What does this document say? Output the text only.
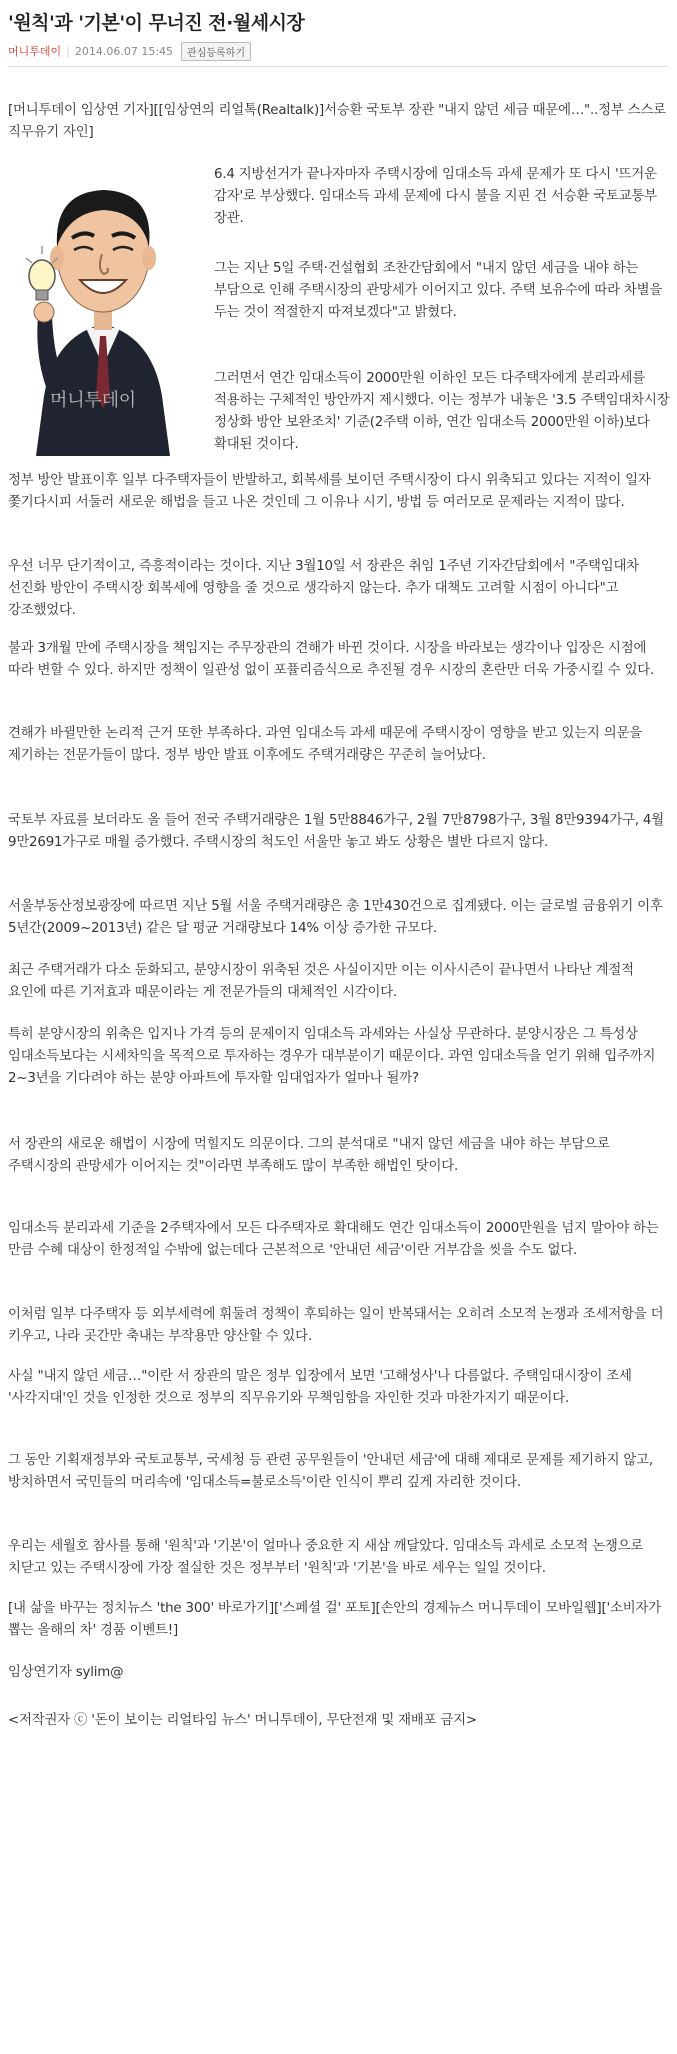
'원칙'과 '기본'이 무너진 전·월세시장
머니투데이 | 2014.06.07 15:45	관심등록하기

[머니투데이 임상연 기자][[임상연의 리얼톡(Realtalk)]서승환 국토부 장관 "내지 않던 세금 때문에…"..정부 스스로 직무유기 자인]

머니투데이

6.4 지방선거가 끝나자마자 주택시장에 임대소득 과세 문제가 또 다시 '뜨거운 감자'로 부상했다. 임대소득 과세 문제에 다시 불을 지핀 건 서승환 국토교통부 장관.

그는 지난 5일 주택·건설협회 조찬간담회에서 "내지 않던 세금을 내야 하는 부담으로 인해 주택시장의 관망세가 이어지고 있다. 주택 보유수에 따라 차별을 두는 것이 적절한지 따져보겠다"고 밝혔다.

그러면서 연간 임대소득이 2000만원 이하인 모든 다주택자에게 분리과세를 적용하는 구체적인 방안까지 제시했다. 이는 정부가 내놓은 '3.5 주택임대차시장 정상화 방안 보완조치' 기준(2주택 이하, 연간 임대소득 2000만원 이하)보다 확대된 것이다.

정부 방안 발표이후 일부 다주택자들이 반발하고, 회복세를 보이던 주택시장이 다시 위축되고 있다는 지적이 일자 쫓기다시피 서둘러 새로운 해법을 들고 나온 것인데 그 이유나 시기, 방법 등 여러모로 문제라는 지적이 많다.

우선 너무 단기적이고, 즉흥적이라는 것이다. 지난 3월10일 서 장관은 취임 1주년 기자간담회에서 "주택임대차 선진화 방안이 주택시장 회복세에 영향을 줄 것으로 생각하지 않는다. 추가 대책도 고려할 시점이 아니다"고 강조했었다.

불과 3개월 만에 주택시장을 책임지는 주무장관의 견해가 바뀐 것이다. 시장을 바라보는 생각이나 입장은 시점에 따라 변할 수 있다. 하지만 정책이 일관성 없이 포퓰리즘식으로 추진될 경우 시장의 혼란만 더욱 가중시킬 수 있다.

견해가 바뀔만한 논리적 근거 또한 부족하다. 과연 임대소득 과세 때문에 주택시장이 영향을 받고 있는지 의문을 제기하는 전문가들이 많다. 정부 방안 발표 이후에도 주택거래량은 꾸준히 늘어났다.

국토부 자료를 보더라도 올 들어 전국 주택거래량은 1월 5만8846가구, 2월 7만8798가구, 3월 8만9394가구, 4월 9만2691가구로 매월 증가했다. 주택시장의 척도인 서울만 놓고 봐도 상황은 별반 다르지 않다.

서울부동산정보광장에 따르면 지난 5월 서울 주택거래량은 총 1만430건으로 집계됐다. 이는 글로벌 금융위기 이후 5년간(2009~2013년) 같은 달 평균 거래량보다 14% 이상 증가한 규모다.

최근 주택거래가 다소 둔화되고, 분양시장이 위축된 것은 사실이지만 이는 이사시즌이 끝나면서 나타난 계절적 요인에 따른 기저효과 때문이라는 게 전문가들의 대체적인 시각이다.

특히 분양시장의 위축은 입지나 가격 등의 문제이지 임대소득 과세와는 사실상 무관하다. 분양시장은 그 특성상 임대소득보다는 시세차익을 목적으로 투자하는 경우가 대부분이기 때문이다. 과연 임대소득을 얻기 위해 입주까지 2~3년을 기다려야 하는 분양 아파트에 투자할 임대업자가 얼마나 될까?

서 장관의 새로운 해법이 시장에 먹힐지도 의문이다. 그의 분석대로 "내지 않던 세금을 내야 하는 부담으로 주택시장의 관망세가 이어지는 것"이라면 부족해도 많이 부족한 해법인 탓이다.

임대소득 분리과세 기준을 2주택자에서 모든 다주택자로 확대해도 연간 임대소득이 2000만원을 넘지 말아야 하는 만큼 수혜 대상이 한정적일 수밖에 없는데다 근본적으로 '안내던 세금'이란 거부감을 씻을 수도 없다.

이처럼 일부 다주택자 등 외부세력에 휘둘려 정책이 후퇴하는 일이 반복돼서는 오히려 소모적 논쟁과 조세저항을 더 키우고, 나라 곳간만 축내는 부작용만 양산할 수 있다.

사실 "내지 않던 세금…"이란 서 장관의 말은 정부 입장에서 보면 '고해성사'나 다름없다. 주택임대시장이 조세 '사각지대'인 것을 인정한 것으로 정부의 직무유기와 무책임함을 자인한 것과 마찬가지기 때문이다.

그 동안 기획재정부와 국토교통부, 국세청 등 관련 공무원들이 '안내던 세금'에 대해 제대로 문제를 제기하지 않고, 방치하면서 국민들의 머리속에 '임대소득=불로소득'이란 인식이 뿌리 깊게 자리한 것이다.

우리는 세월호 참사를 통해 '원칙'과 '기본'이 얼마나 중요한 지 새삼 깨달았다. 임대소득 과세로 소모적 논쟁으로 치닫고 있는 주택시장에 가장 절실한 것은 정부부터 '원칙'과 '기본'을 바로 세우는 일일 것이다.

[내 삶을 바꾸는 정치뉴스 'the 300' 바로가기]['스페셜 걸' 포토][손안의 경제뉴스 머니투데이 모바일웹]['소비자가 뽑는 올해의 차' 경품 이벤트!]

임상연기자 sylim@

<저작권자 ⓒ '돈이 보이는 리얼타임 뉴스' 머니투데이, 무단전재 및 재배포 금지>
